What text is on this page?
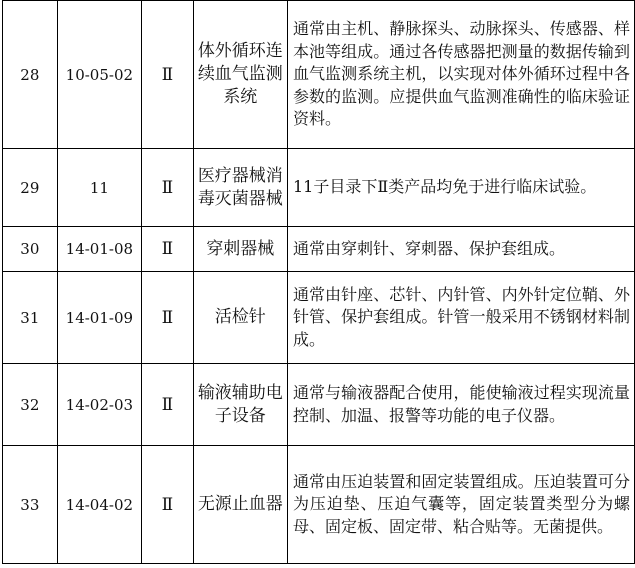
28	10-05-02	Ⅱ	体外循环连续血气监测系统	通常由主机、静脉探头、动脉探头、传感器、样本池等组成。通过各传感器把测量的数据传输到血气监测系统主机，以实现对体外循环过程中各参数的监测。应提供血气监测准确性的临床验证资料。
29	11	Ⅱ	医疗器械消毒灭菌器械	11子目录下Ⅱ类产品均免于进行临床试验。
30	14-01-08	Ⅱ	穿刺器械	通常由穿刺针、穿刺器、保护套组成。
31	14-01-09	Ⅱ	活检针	通常由针座、芯针、内针管、内外针定位鞘、外针管、保护套组成。针管一般采用不锈钢材料制成。
32	14-02-03	Ⅱ	输液辅助电子设备	通常与输液器配合使用，能使输液过程实现流量控制、加温、报警等功能的电子仪器。
33	14-04-02	Ⅱ	无源止血器	通常由压迫装置和固定装置组成。压迫装置可分为压迫垫、压迫气囊等，固定装置类型分为螺母、固定板、固定带、粘合贴等。无菌提供。
